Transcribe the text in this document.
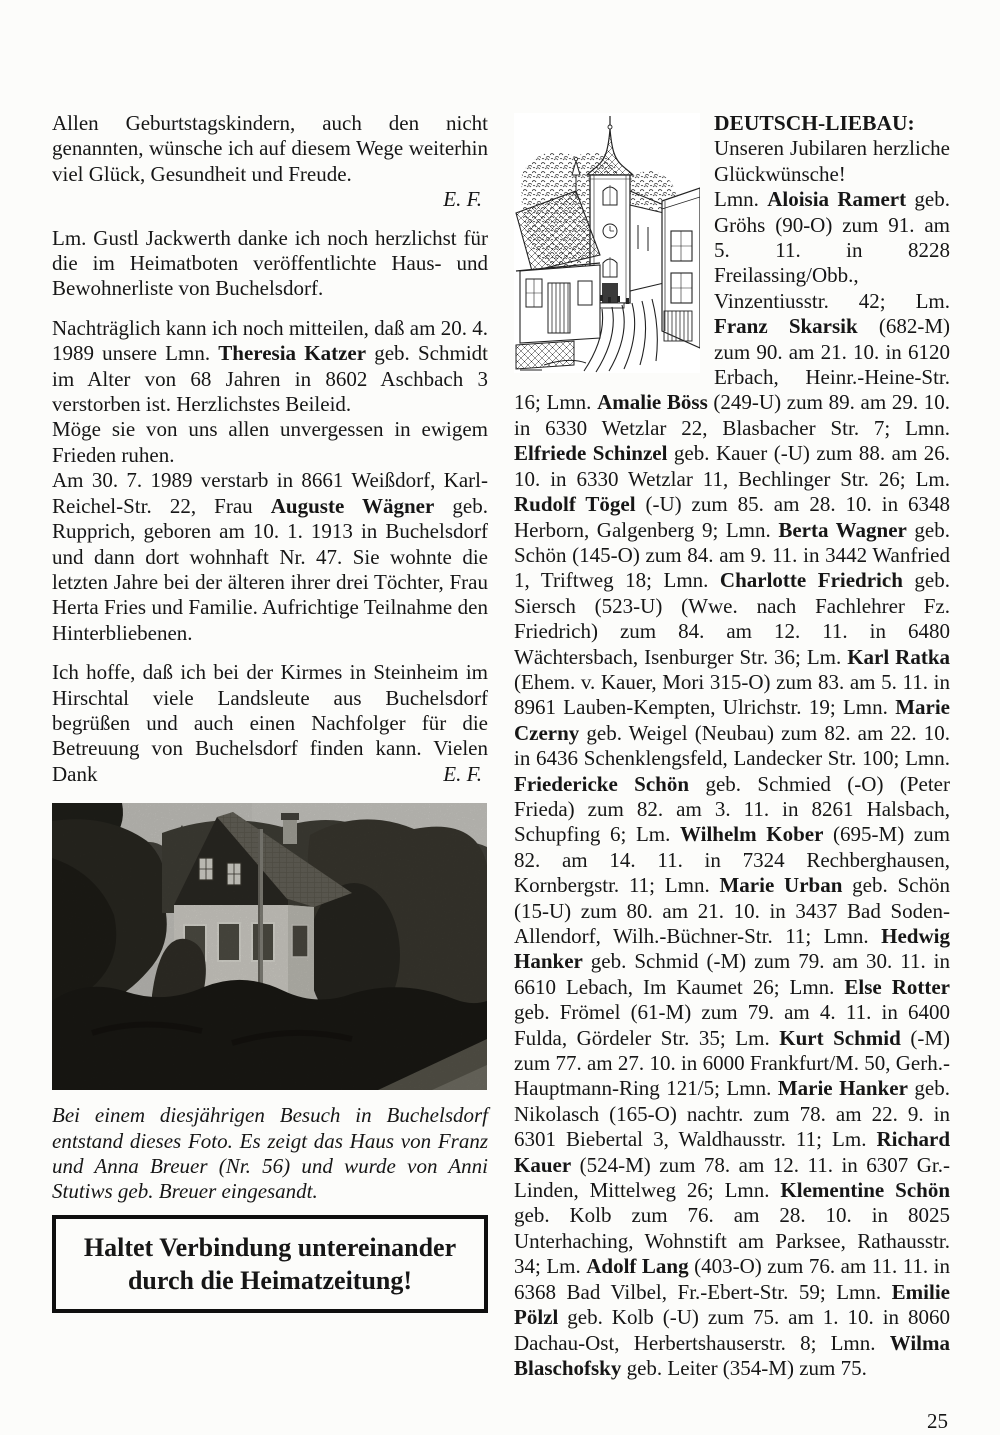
Allen Geburtstagskindern, auch den nicht genannten, wünsche ich auf diesem Wege weiterhin viel Glück, Gesundheit und Freude.

E. F.

Lm. Gustl Jackwerth danke ich noch herzlichst für die im Heimatboten veröffentlichte Haus- und Bewohnerliste von Buchelsdorf.

Nachträglich kann ich noch mitteilen, daß am 20. 4. 1989 unsere Lmn. Theresia Katzer geb. Schmidt im Alter von 68 Jahren in 8602 Aschbach 3 verstorben ist. Herzlichstes Beileid.

Möge sie von uns allen unvergessen in ewigem Frieden ruhen.

Am 30. 7. 1989 verstarb in 8661 Weißdorf, Karl-Reichel-Str. 22, Frau Auguste Wägner geb. Rupprich, geboren am 10. 1. 1913 in Buchelsdorf und dann dort wohnhaft Nr. 47. Sie wohnte die letzten Jahre bei der älteren ihrer drei Töchter, Frau Herta Fries und Familie. Aufrichtige Teilnahme den Hinterbliebenen.

Ich hoffe, daß ich bei der Kirmes in Steinheim im Hirschtal viele Landsleute aus Buchelsdorf begrüßen und auch einen Nachfolger für die Betreuung von Buchelsdorf finden kann. Vielen Dank	E. F.

Bei einem diesjährigen Besuch in Buchelsdorf entstand dieses Foto. Es zeigt das Haus von Franz und Anna Breuer (Nr. 56) und wurde von Anni Stutiws geb. Breuer eingesandt.

Haltet Verbindung untereinander
durch die Heimatzeitung!
DEUTSCH-LIEBAU:

Unseren Jubilaren herzliche Glückwünsche!

Lmn. Aloisia Ramert geb. Gröhs (90-O) zum 91. am 5. 11. in 8228 Freilassing/Obb., Vinzentiusstr. 42; Lm. Franz Skarsik (682-M) zum 90. am 21. 10. in 6120 Erbach, Heinr.-Heine-Str. 16; Lmn. Amalie Böss (249-U) zum 89. am 29. 10. in 6330 Wetzlar 22, Blasbacher Str. 7; Lmn. Elfriede Schinzel geb. Kauer (-U) zum 88. am 26. 10. in 6330 Wetzlar 11, Bechlinger Str. 26; Lm. Rudolf Tögel (-U) zum 85. am 28. 10. in 6348 Herborn, Galgenberg 9; Lmn. Berta Wagner geb. Schön (145-O) zum 84. am 9. 11. in 3442 Wanfried 1, Triftweg 18; Lmn. Charlotte Friedrich geb. Siersch (523-U) (Wwe. nach Fachlehrer Fz. Friedrich) zum 84. am 12. 11. in 6480 Wächtersbach, Isenburger Str. 36; Lm. Karl Ratka (Ehem. v. Kauer, Mori 315-O) zum 83. am 5. 11. in 8961 Lauben-Kempten, Ulrichstr. 19; Lmn. Marie Czerny geb. Weigel (Neubau) zum 82. am 22. 10. in 6436 Schenklengsfeld, Landecker Str. 100; Lmn. Friedericke Schön geb. Schmied (-O) (Peter Frieda) zum 82. am 3. 11. in 8261 Halsbach, Schupfing 6; Lm. Wilhelm Kober (695-M) zum 82. am 14. 11. in 7324 Rechberghausen, Kornbergstr. 11; Lmn. Marie Urban geb. Schön (15-U) zum 80. am 21. 10. in 3437 Bad Soden-Allendorf, Wilh.-Büchner-Str. 11; Lmn. Hedwig Hanker geb. Schmid (-M) zum 79. am 30. 11. in 6610 Lebach, Im Kaumet 26; Lmn. Else Rotter geb. Frömel (61-M) zum 79. am 4. 11. in 6400 Fulda, Gördeler Str. 35; Lm. Kurt Schmid (-M) zum 77. am 27. 10. in 6000 Frankfurt/M. 50, Gerh.-Hauptmann-Ring 121/5; Lmn. Marie Hanker geb. Nikolasch (165-O) nachtr. zum 78. am 22. 9. in 6301 Biebertal 3, Waldhausstr. 11; Lm. Richard Kauer (524-M) zum 78. am 12. 11. in 6307 Gr.-Linden, Mittelweg 26; Lmn. Klementine Schön geb. Kolb zum 76. am 28. 10. in 8025 Unterhaching, Wohnstift am Parksee, Rathausstr. 34; Lm. Adolf Lang (403-O) zum 76. am 11. 11. in 6368 Bad Vilbel, Fr.-Ebert-Str. 59; Lmn. Emilie Pölzl geb. Kolb (-U) zum 75. am 1. 10. in 8060 Dachau-Ost, Herbertshauserstr. 8; Lmn. Wilma Blaschofsky geb. Leiter (354-M) zum 75.

25
